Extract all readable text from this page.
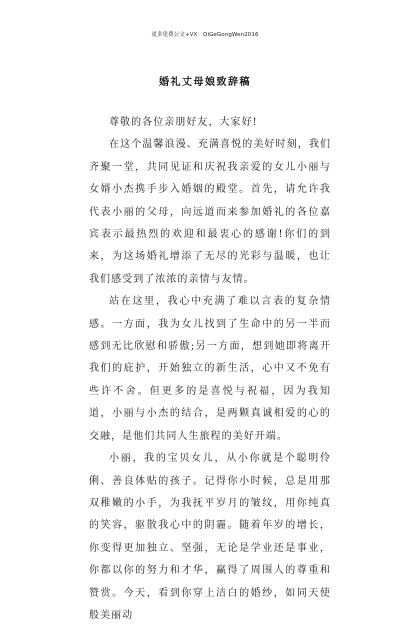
更多免费公文+VX：QiGeGongWen2016
婚礼丈母娘致辞稿

尊敬的各位亲朋好友，大家好!

在这个温馨浪漫、充满喜悦的美好时刻，我们齐聚一堂，共同见证和庆祝我亲爱的女儿小丽与女婿小杰携手步入婚姻的殿堂。首先，请允许我代表小丽的父母，向远道而来参加婚礼的各位嘉宾表示最热烈的欢迎和最衷心的感谢!你们的到来，为这场婚礼增添了无尽的光彩与温暖，也让我们感受到了浓浓的亲情与友情。

站在这里，我心中充满了难以言表的复杂情感。一方面，我为女儿找到了生命中的另一半而感到无比欣慰和骄傲;另一方面，想到她即将离开我们的庇护，开始独立的新生活，心中又不免有些许不舍。但更多的是喜悦与祝福，因为我知道，小丽与小杰的结合，是两颗真诚相爱的心的交融，是他们共同人生旅程的美好开端。

小丽，我的宝贝女儿，从小你就是个聪明伶俐、善良体贴的孩子。记得你小时候，总是用那双稚嫩的小手，为我抚平岁月的皱纹，用你纯真的笑容，驱散我心中的阴霾。随着年岁的增长，你变得更加独立、坚强，无论是学业还是事业，你都以你的努力和才华，赢得了周围人的尊重和赞赏。今天，看到你穿上洁白的婚纱，如同天使般美丽动
